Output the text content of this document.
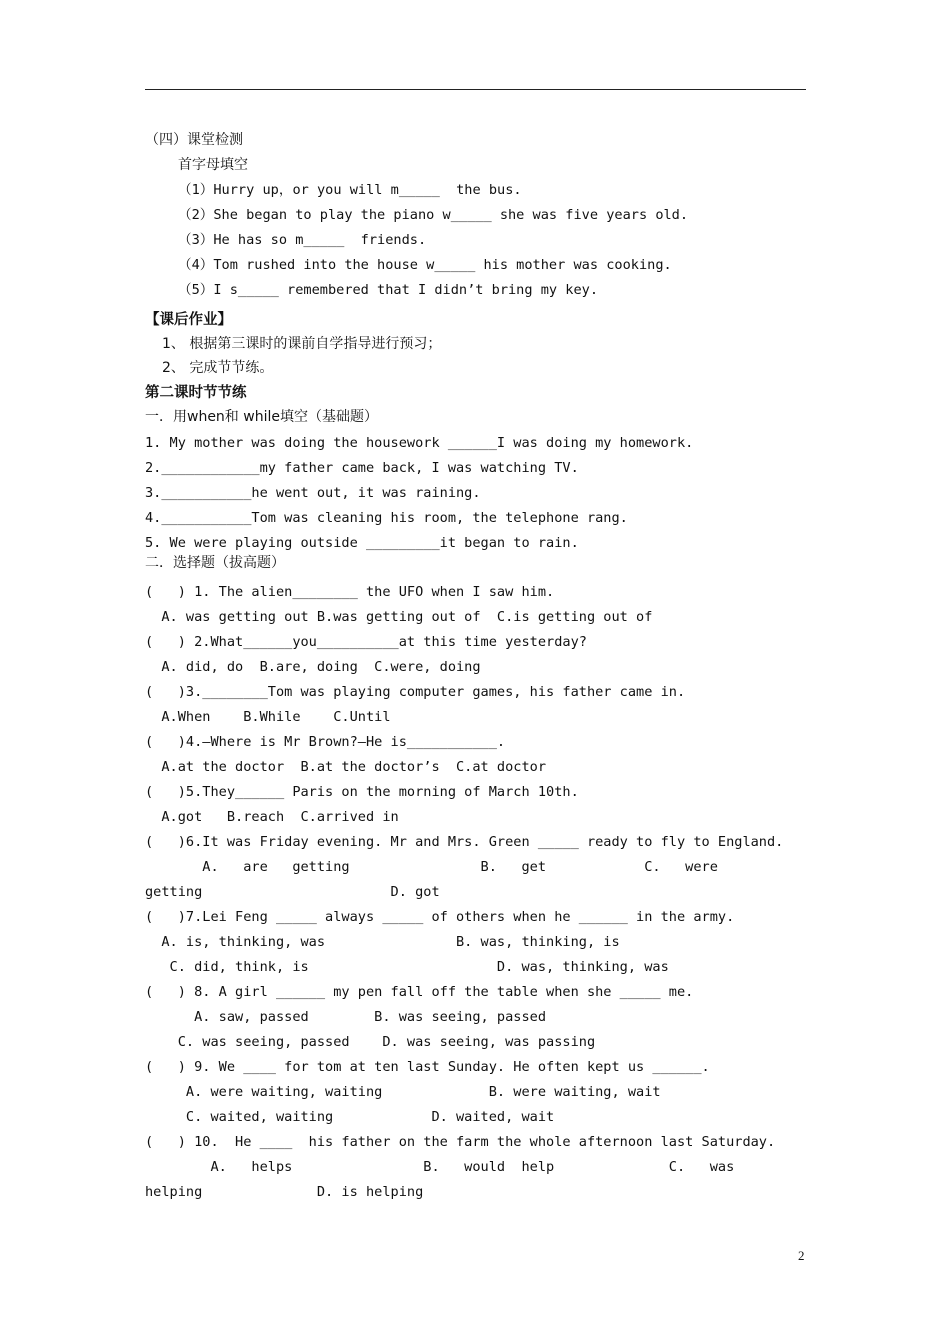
（四）课堂检测
首字母填空
（1）Hurry up，or you will m_____  the bus.
（2）She began to play the piano w_____ she was five years old.
（3）He has so m_____  friends.
（4）Tom rushed into the house w_____ his mother was cooking.
（5）I s_____ remembered that I didn’t bring my key.
【课后作业】
1、 根据第三课时的课前自学指导进行预习；
2、 完成节节练。
第二课时节节练
一．用when和 while填空（基础题）
1. My mother was doing the housework ______I was doing my homework.
2.____________my father came back, I was watching TV.
3.___________he went out, it was raining.
4.___________Tom was cleaning his room, the telephone rang.
5. We were playing outside _________it began to rain.
二．选择题（拔高题）
(   ) 1. The alien________ the UFO when I saw him.
A. was getting out B.was getting out of  C.is getting out of
(   ) 2.What______you__________at this time yesterday?
A. did, do  B.are, doing  C.were, doing
(   )3.________Tom was playing computer games, his father came in.
A.When    B.While    C.Until
(   )4.—Where is Mr Brown?—He is___________.
A.at the doctor  B.at the doctor’s  C.at doctor
(   )5.They______ Paris on the morning of March 10th.
A.got   B.reach  C.arrived in
(   )6.It was Friday evening. Mr and Mrs. Green _____ ready to fly to England.
A.   are   getting                B.   get            C.   were
getting                       D. got
(   )7.Lei Feng _____ always _____ of others when he ______ in the army.
A. is, thinking, was                B. was, thinking, is
C. did, think, is                       D. was, thinking, was
(   ) 8. A girl ______ my pen fall off the table when she _____ me.
A. saw, passed        B. was seeing, passed
C. was seeing, passed    D. was seeing, was passing
(   ) 9. We ____ for tom at ten last Sunday. He often kept us ______.
A. were waiting, waiting             B. were waiting, wait
C. waited, waiting            D. waited, wait
(   ) 10.  He ____  his father on the farm the whole afternoon last Saturday.
A.   helps                B.   would  help              C.   was
helping              D. is helping
2
